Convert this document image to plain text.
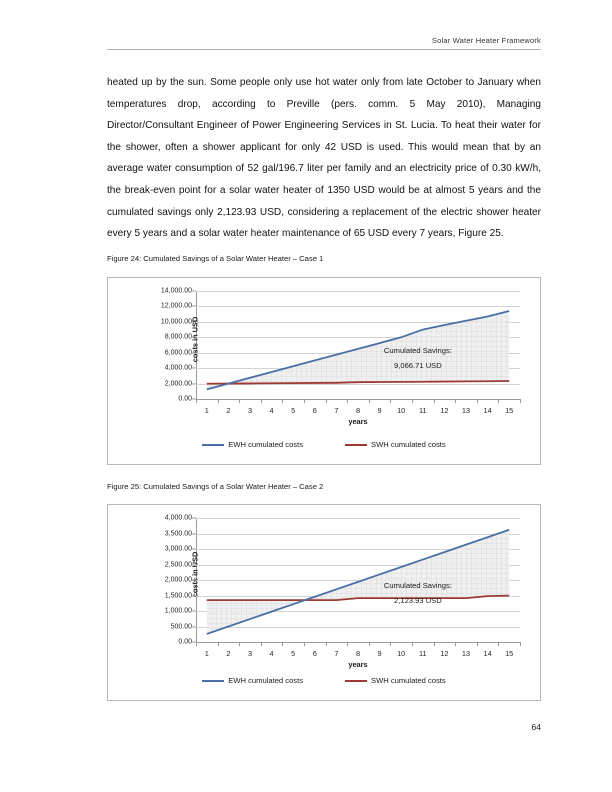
Solar Water Heater Framework
heated up by the sun. Some people only use hot water only from late October to January when temperatures drop, according to Preville (pers. comm. 5 May 2010), Managing Director/Consultant Engineer of Power Engineering Services in St. Lucia. To heat their water for the shower, often a shower applicant for only 42 USD is used. This would mean that by an average water consumption of 52 gal/196.7 liter per family and an electricity price of 0.30 kW/h, the break-even point for a solar water heater of 1350 USD would be at almost 5 years and the cumulated savings only 2,123.93 USD, considering a replacement of the electric shower heater every 5 years and a solar water heater maintenance of 65 USD every 7 years, Figure 25.
Figure 24: Cumulated Savings of a Solar Water Heater – Case 1
costs in USD
14,000.00
12,000.00
10,000.00
8,000.00
6,000.00
4,000.00
2,000.00
0.00
years
1 2 3 4 5 6 7 8 9 10 11 12 13 14 15
Cumulated Savings:
9,066.71 USD
EWH cumulated costs	SWH cumulated costs
Figure 25: Cumulated Savings of a Solar Water Heater – Case 2
costs in USD
4,000.00
3,500.00
3,000.00
2,500.00
2,000.00
1,500.00
1,000.00
500.00
0.00
years
1 2 3 4 5 6 7 8 9 10 11 12 13 14 15
Cumulated Savings:
2,123.93 USD
EWH cumulated costs	SWH cumulated costs
64
